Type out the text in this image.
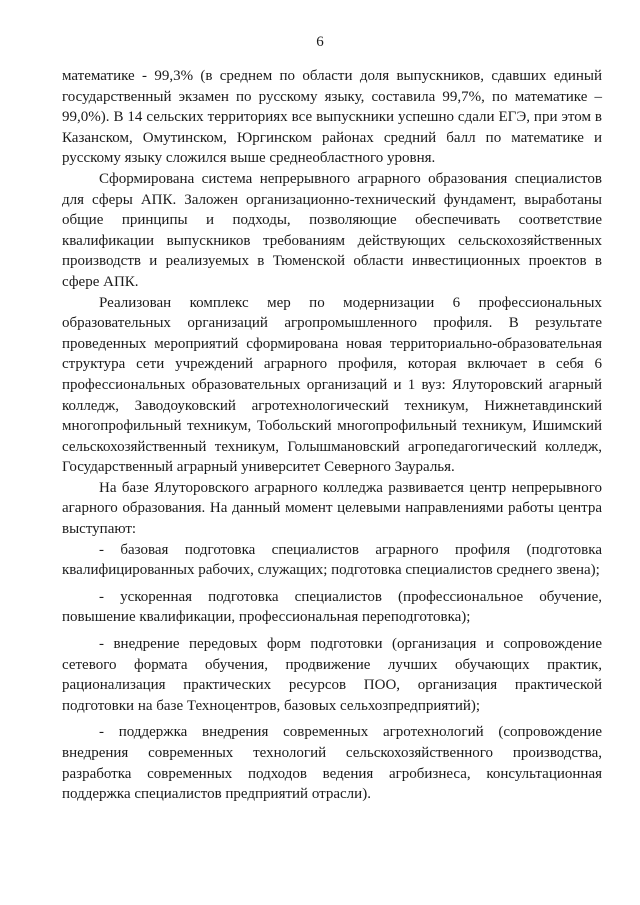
6

математике - 99,3% (в среднем по области доля выпускников, сдавших единый государственный экзамен по русскому языку, составила 99,7%, по математике – 99,0%). В 14 сельских территориях все выпускники успешно сдали ЕГЭ, при этом в Казанском, Омутинском, Юргинском районах средний балл по математике и русскому языку сложился выше среднеобластного уровня.

Сформирована система непрерывного аграрного образования специалистов для сферы АПК. Заложен организационно-технический фундамент, выработаны общие принципы и подходы, позволяющие обеспечивать соответствие квалификации выпускников требованиям действующих сельскохозяйственных производств и реализуемых в Тюменской области инвестиционных проектов в сфере АПК.

Реализован комплекс мер по модернизации 6 профессиональных образовательных организаций агропромышленного профиля. В результате проведенных мероприятий сформирована новая территориально-образовательная структура сети учреждений аграрного профиля, которая включает в себя 6 профессиональных образовательных организаций и 1 вуз: Ялуторовский агарный колледж, Заводоуковский агротехнологический техникум, Нижнетавдинский многопрофильный техникум, Тобольский многопрофильный техникум, Ишимский сельскохозяйственный техникум, Голышмановский агропедагогический колледж, Государственный аграрный университет Северного Зауралья.

На базе Ялуторовского аграрного колледжа развивается центр непрерывного агарного образования. На данный момент целевыми направлениями работы центра выступают:

- базовая подготовка специалистов аграрного профиля (подготовка квалифицированных рабочих, служащих; подготовка специалистов среднего звена);

- ускоренная подготовка специалистов (профессиональное обучение, повышение квалификации, профессиональная переподготовка);

- внедрение передовых форм подготовки (организация и сопровождение сетевого формата обучения, продвижение лучших обучающих практик, рационализация практических ресурсов ПОО, организация практической подготовки на базе Техноцентров, базовых сельхозпредприятий);

- поддержка внедрения современных агротехнологий (сопровождение внедрения современных технологий сельскохозяйственного производства, разработка современных подходов ведения агробизнеса, консультационная поддержка специалистов предприятий отрасли).
